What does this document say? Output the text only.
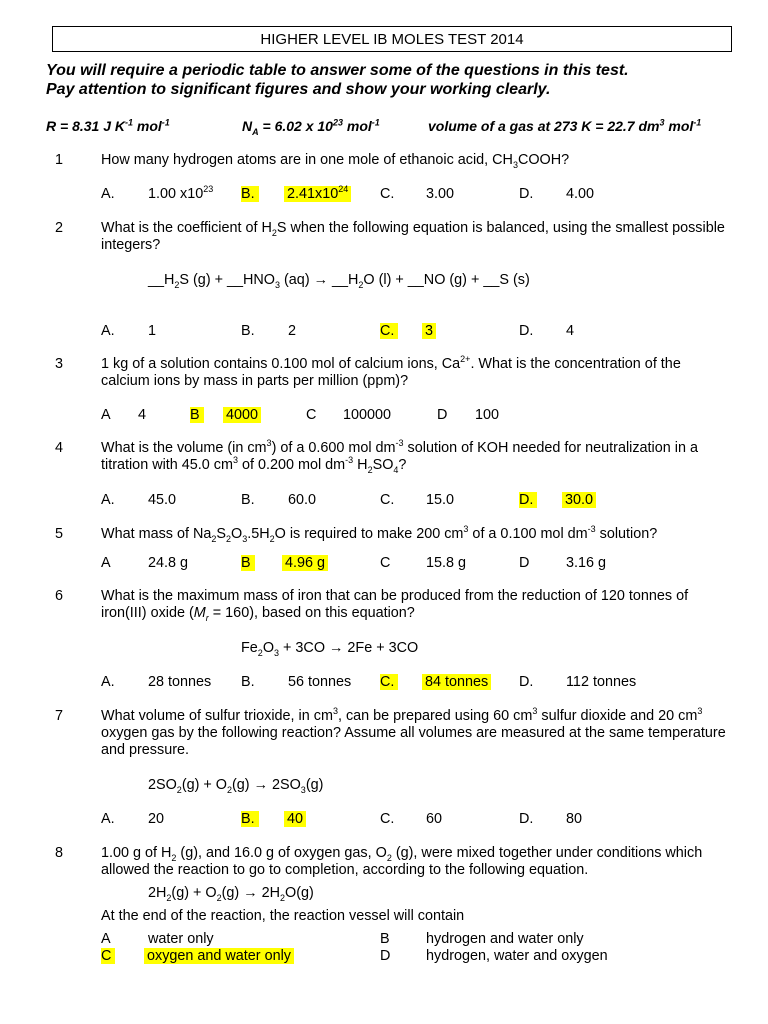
HIGHER LEVEL IB MOLES TEST 2014
You will require a periodic table to answer some of the questions in this test.
Pay attention to significant figures and show your working clearly.
R = 8.31 J $K^{-1}$ mol$^{-1}$	$N_A = 6.02$ x $10^{23}$ mol$^{-1}$	volume of a gas at 273 K = 22.7 $dm^3$ mol$^{-1}$
1	How many hydrogen atoms are in one mole of ethanoic acid, $CH_3COOH$?
A. 1.00 $x10^{23}$ B. $2.41x10^{24}$ C. 3.00	D. 4.00
2	What is the coefficient of $H_2S$ when the following equation is balanced, using the smallest possible integers?
$\_\_H_2S$ $(g) + \_\_HNO_3$ $(aq) \to \_\_H_2O$ (l) + __NO (g) + __S (s)
A. 1	B. 2	C. 3	D. 4
3	1 kg of a solution contains 0.100 mol of calcium ions, $Ca^{2+}$. What is the concentration of the calcium ions by mass in parts per million (ppm)?
A 4	B 4000	C 100000	D 100
4	What is the volume (in $cm^3$) of a 0.600 mol $dm^{-3}$ solution of KOH needed for neutralization in a titration with 45.0 $cm^3$ of 0.200 mol $dm^{-3}$ $H_2SO_4$?
A. 45.0	B. 60.0	C. 15.0	D. 30.0
5	What mass of $Na_2S_2O_3.5H_2O$ is required to make 200 $cm^3$ of a 0.100 mol $dm^{-3}$ solution?
A	24.8 g	B 4.96 g	C 15.8 g	D	3.16 g
6	What is the maximum mass of iron that can be produced from the reduction of 120 tonnes of iron(III) oxide $(M_r = 160)$, based on this equation?
$Fe_2O_3 + 3CO \to 2Fe + 3CO$
A. 28 tonnes B. 56 tonnes C. 84 tonnes D. 112 tonnes
7	What volume of sulfur trioxide, in $cm^3$, can be prepared using 60 $cm^3$ sulfur dioxide and 20 $cm^3$ oxygen gas by the following reaction? Assume all volumes are measured at the same temperature and pressure.
$2SO_2(g) + O_2(g) \to 2SO_3(g)$
A. 20	B. 40	C. 60	D. 80
8	1.00 g of $H_2$ (g), and 16.0 g of oxygen gas, $O_2$ (g), were mixed together under conditions which allowed the reaction to go to completion, according to the following equation.
$2H_2(g) + O_2(g) \to 2H_2O(g)$
At the end of the reaction, the reaction vessel will contain
A	water only	B	hydrogen and water only
C oxygen and water only	D hydrogen, water and oxygen
